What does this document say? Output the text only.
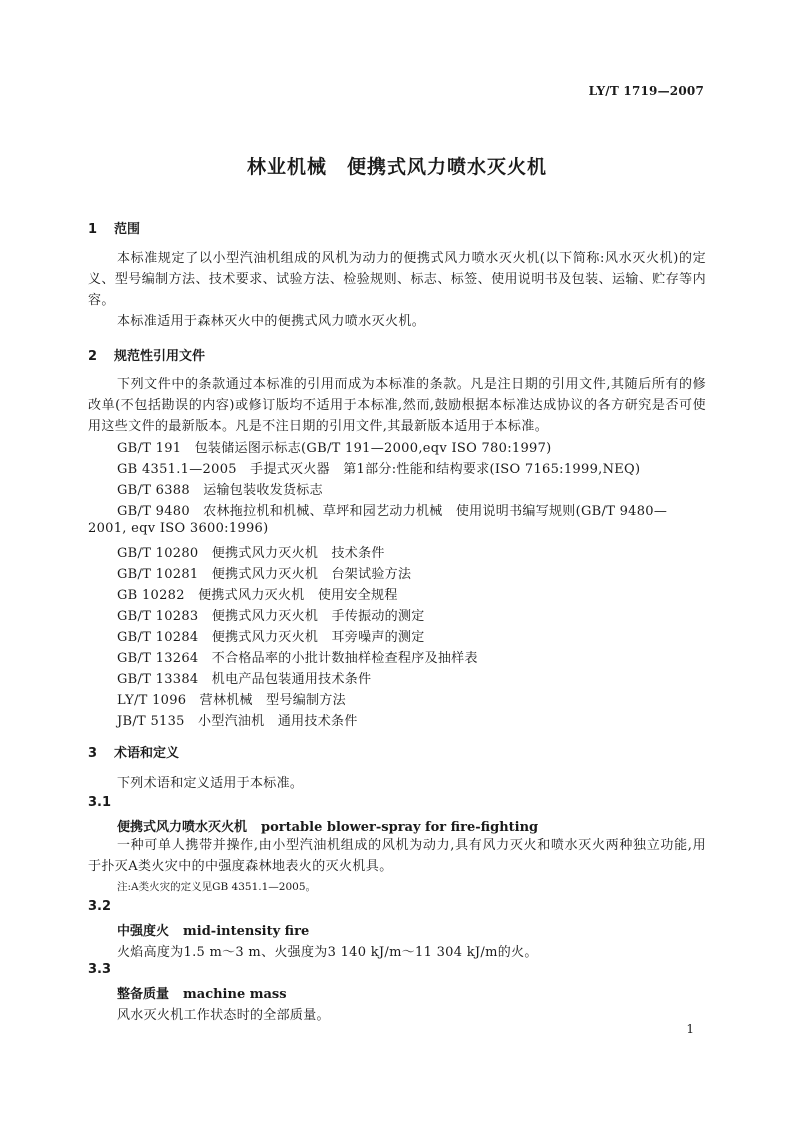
LY/T 1719—2007
林业机械　便携式风力喷水灭火机
1 范围

本标准规定了以小型汽油机组成的风机为动力的便携式风力喷水灭火机(以下简称:风水灭火机)的定义、型号编制方法、技术要求、试验方法、检验规则、标志、标签、使用说明书及包装、运输、贮存等内容。

本标准适用于森林灭火中的便携式风力喷水灭火机。

2 规范性引用文件

下列文件中的条款通过本标准的引用而成为本标准的条款。凡是注日期的引用文件,其随后所有的修改单(不包括勘误的内容)或修订版均不适用于本标准,然而,鼓励根据本标准达成协议的各方研究是否可使用这些文件的最新版本。凡是不注日期的引用文件,其最新版本适用于本标准。

GB/T 191　包装储运图示标志(GB/T 191—2000,eqv ISO 780:1997)
GB 4351.1—2005　手提式灭火器　第1部分:性能和结构要求(ISO 7165:1999,NEQ)
GB/T 6388　运输包装收发货标志
GB/T 9480　农林拖拉机和机械、草坪和园艺动力机械　使用说明书编写规则(GB/T 9480—
2001, eqv ISO 3600:1996)
GB/T 10280　便携式风力灭火机　技术条件
GB/T 10281　便携式风力灭火机　台架试验方法
GB 10282　便携式风力灭火机　使用安全规程
GB/T 10283　便携式风力灭火机　手传振动的测定
GB/T 10284　便携式风力灭火机　耳旁噪声的测定
GB/T 13264　不合格品率的小批计数抽样检查程序及抽样表
GB/T 13384　机电产品包装通用技术条件
LY/T 1096　营林机械　型号编制方法
JB/T 5135　小型汽油机　通用技术条件
3 术语和定义
下列术语和定义适用于本标准。
3.1
便携式风力喷水灭火机 portable blower-spray for fire-fighting

一种可单人携带并操作,由小型汽油机组成的风机为动力,具有风力灭火和喷水灭火两种独立功能,用于扑灭A类火灾中的中强度森林地表火的灭火机具。

注:A类火灾的定义见GB 4351.1—2005。
3.2
中强度火 mid-intensity fire
火焰高度为1.5 m～3 m、火强度为3 140 kJ/m～11 304 kJ/m的火。
3.3
整备质量 machine mass
风水灭火机工作状态时的全部质量。
1
